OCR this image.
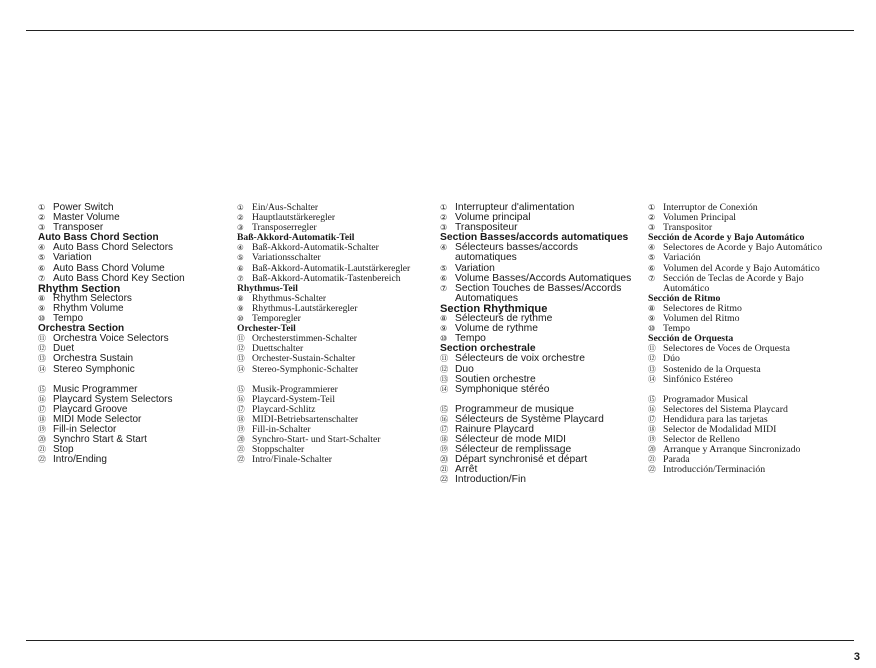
① Power Switch
② Master Volume
③ Transposer
Auto Bass Chord Section
④ Auto Bass Chord Selectors
⑤ Variation
⑥ Auto Bass Chord Volume
⑦ Auto Bass Chord Key Section
Rhythm Section
⑧ Rhythm Selectors
⑨ Rhythm Volume
⑩ Tempo
Orchestra Section
⑪ Orchestra Voice Selectors
⑫ Duet
⑬ Orchestra Sustain
⑭ Stereo Symphonic
⑮ Music Programmer
⑯ Playcard System Selectors
⑰ Playcard Groove
⑱ MIDI Mode Selector
⑲ Fill-in Selector
⑳ Synchro Start & Start
㉑ Stop
㉒ Intro/Ending
① Ein/Aus-Schalter
② Hauptlautstärkeregler
③ Transposerregler
Baß-Akkord-Automatik-Teil
④ Baß-Akkord-Automatik-Schalter
⑤ Variationsschalter
⑥ Baß-Akkord-Automatik-Lautstärkeregler
⑦ Baß-Akkord-Automatik-Tastenbereich
Rhythmus-Teil
⑧ Rhythmus-Schalter
⑨ Rhythmus-Lautstärkeregler
⑩ Temporegler
Orchester-Teil
⑪ Orchesterstimmen-Schalter
⑫ Duettschalter
⑬ Orchester-Sustain-Schalter
⑭ Stereo-Symphonic-Schalter
⑮ Musik-Programmierer
⑯ Playcard-System-Teil
⑰ Playcard-Schlitz
⑱ MIDI-Betriebsartenschalter
⑲ Fill-in-Schalter
⑳ Synchro-Start- und Start-Schalter
㉑ Stoppschalter
㉒ Intro/Finale-Schalter
① Interrupteur d'alimentation
② Volume principal
③ Transpositeur
Section Basses/accords automatiques
④ Sélecteurs basses/accords
automatiques
⑤ Variation
⑥ Volume Basses/Accords Automatiques
⑦ Section Touches de Basses/Accords
Automatiques
Section Rhythmique
⑧ Sélecteurs de rythme
⑨ Volume de rythme
⑩ Tempo
Section orchestrale
⑪ Sélecteurs de voix orchestre
⑫ Duo
⑬ Soutien orchestre
⑭ Symphonique stéréo
⑮ Programmeur de musique
⑯ Sélecteurs de Système Playcard
⑰ Rainure Playcard
⑱ Sélecteur de mode MIDI
⑲ Sélecteur de remplissage
⑳ Départ synchronisé et départ
㉑ Arrêt
㉒ Introduction/Fin
① Interruptor de Conexión
② Volumen Principal
③ Transpositor
Sección de Acorde y Bajo Automático
④ Selectores de Acorde y Bajo Automático
⑤ Variación
⑥ Volumen del Acorde y Bajo Automático
⑦ Sección de Teclas de Acorde y Bajo
Automático
Sección de Ritmo
⑧ Selectores de Ritmo
⑨ Volumen del Ritmo
⑩ Tempo
Sección de Orquesta
⑪ Selectores de Voces de Orquesta
⑫ Dúo
⑬ Sostenido de la Orquesta
⑭ Sinfónico Estéreo
⑮ Programador Musical
⑯ Selectores del Sistema Playcard
⑰ Hendidura para las tarjetas
⑱ Selector de Modalidad MIDI
⑲ Selector de Relleno
⑳ Arranque y Arranque Sincronizado
㉑ Parada
㉒ Introducción/Terminación
3
